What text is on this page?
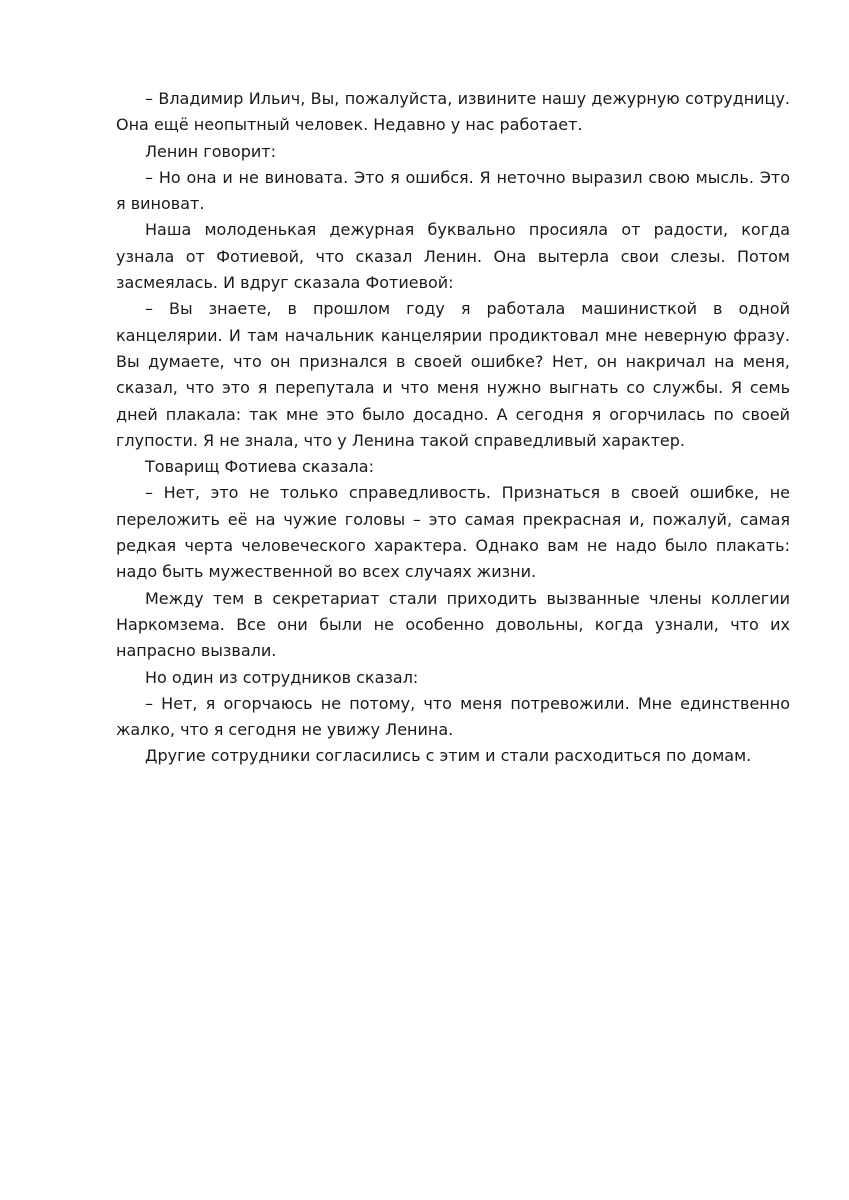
– Владимир Ильич, Вы, пожалуйста, извините нашу дежурную сотрудницу. Она ещё неопытный человек. Недавно у нас работает.

Ленин говорит:

– Но она и не виновата. Это я ошибся. Я неточно выразил свою мысль. Это я виноват.

Наша молоденькая дежурная буквально просияла от радости, когда узнала от Фотиевой, что сказал Ленин. Она вытерла свои слезы. Потом засмеялась. И вдруг сказала Фотиевой:

– Вы знаете, в прошлом году я работала машинисткой в одной канцелярии. И там начальник канцелярии продиктовал мне неверную фразу. Вы думаете, что он признался в своей ошибке? Нет, он накричал на меня, сказал, что это я перепутала и что меня нужно выгнать со службы. Я семь дней плакала: так мне это было досадно. А сегодня я огорчилась по своей глупости. Я не знала, что у Ленина такой справедливый характер.

Товарищ Фотиева сказала:

– Нет, это не только справедливость. Признаться в своей ошибке, не переложить её на чужие головы – это самая прекрасная и, пожалуй, самая редкая черта человеческого характера. Однако вам не надо было плакать: надо быть мужественной во всех случаях жизни.

Между тем в секретариат стали приходить вызванные члены коллегии Наркомзема. Все они были не особенно довольны, когда узнали, что их напрасно вызвали.

Но один из сотрудников сказал:

– Нет, я огорчаюсь не потому, что меня потревожили. Мне единственно жалко, что я сегодня не увижу Ленина.

Другие сотрудники согласились с этим и стали расходиться по домам.
